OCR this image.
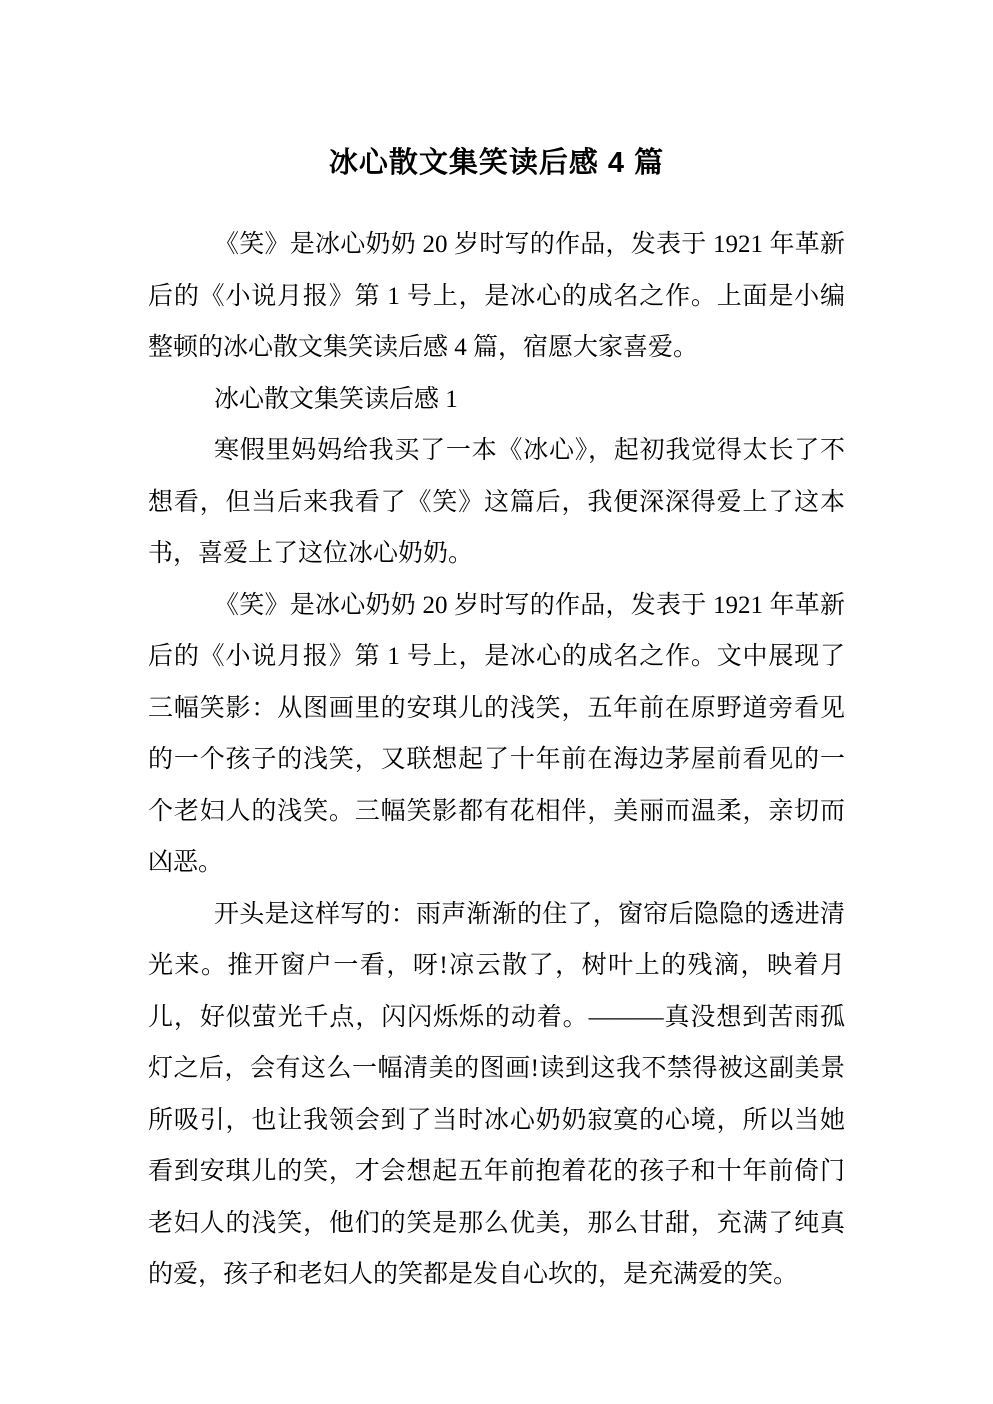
冰心散文集笑读后感 4 篇

《笑》是冰心奶奶 20 岁时写的作品，发表于 1921 年革新后的《小说月报》第 1 号上，是冰心的成名之作。上面是小编整顿的冰心散文集笑读后感 4 篇，宿愿大家喜爱。

冰心散文集笑读后感 1

寒假里妈妈给我买了一本《冰心》，起初我觉得太长了不想看，但当后来我看了《笑》这篇后，我便深深得爱上了这本书，喜爱上了这位冰心奶奶。

《笑》是冰心奶奶 20 岁时写的作品，发表于 1921 年革新后的《小说月报》第 1 号上，是冰心的成名之作。文中展现了三幅笑影：从图画里的安琪儿的浅笑，五年前在原野道旁看见的一个孩子的浅笑，又联想起了十年前在海边茅屋前看见的一个老妇人的浅笑。三幅笑影都有花相伴，美丽而温柔，亲切而凶恶。

开头是这样写的：雨声渐渐的住了，窗帘后隐隐的透进清光来。推开窗户一看，呀!凉云散了，树叶上的残滴，映着月儿，好似萤光千点，闪闪烁烁的动着。———真没想到苦雨孤灯之后，会有这么一幅清美的图画!读到这我不禁得被这副美景所吸引，也让我领会到了当时冰心奶奶寂寞的心境，所以当她看到安琪儿的笑，才会想起五年前抱着花的孩子和十年前倚门老妇人的浅笑，他们的笑是那么优美，那么甘甜，充满了纯真的爱，孩子和老妇人的笑都是发自心坎的，是充满爱的笑。
